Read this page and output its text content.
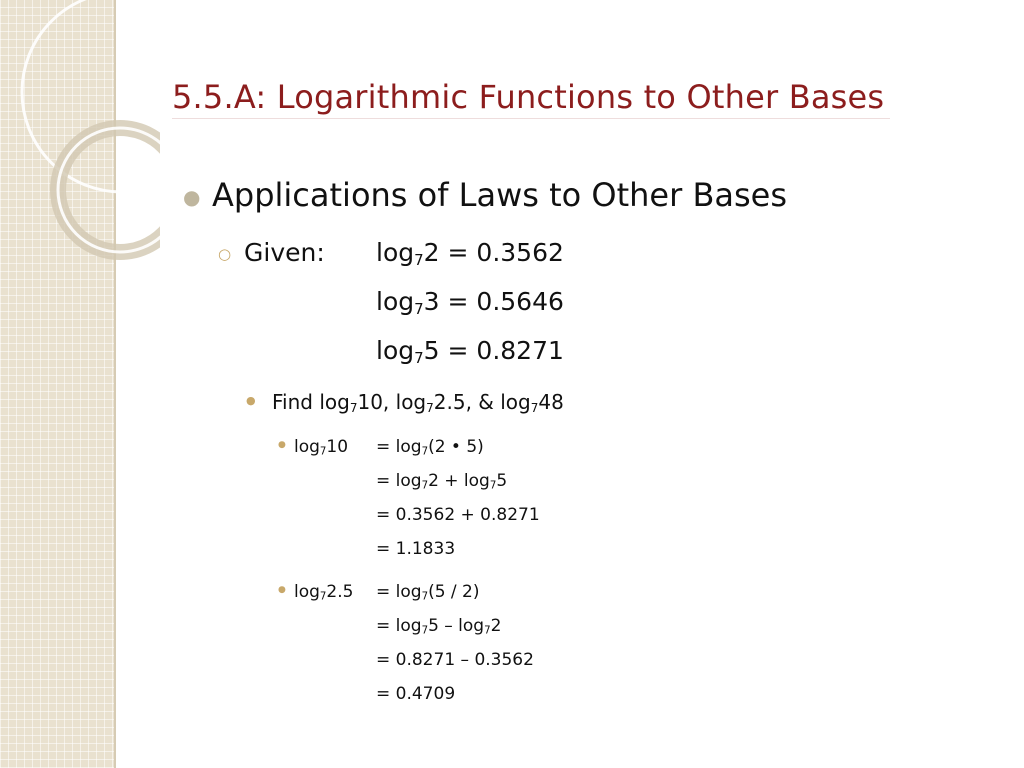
5.5.A: Logarithmic Functions to Other Bases
● Applications of Laws to Other Bases
○ Given: $\log_72 = 0.3562$
$\log_73 = 0.5646$
$\log_75 = 0.8271$
● Find $\log_710$, $\log_72.5$, & $\log_748$
● $\log_710 = \log_7(2$ • 5)
= $\log_72 + \log_75$
= 0.3562 + 0.8271
= 1.1833
● $\log_72.5 = \log_7(5 / 2)$
= $\log_75 - \log_72$
= 0.8271 – 0.3562
= 0.4709
